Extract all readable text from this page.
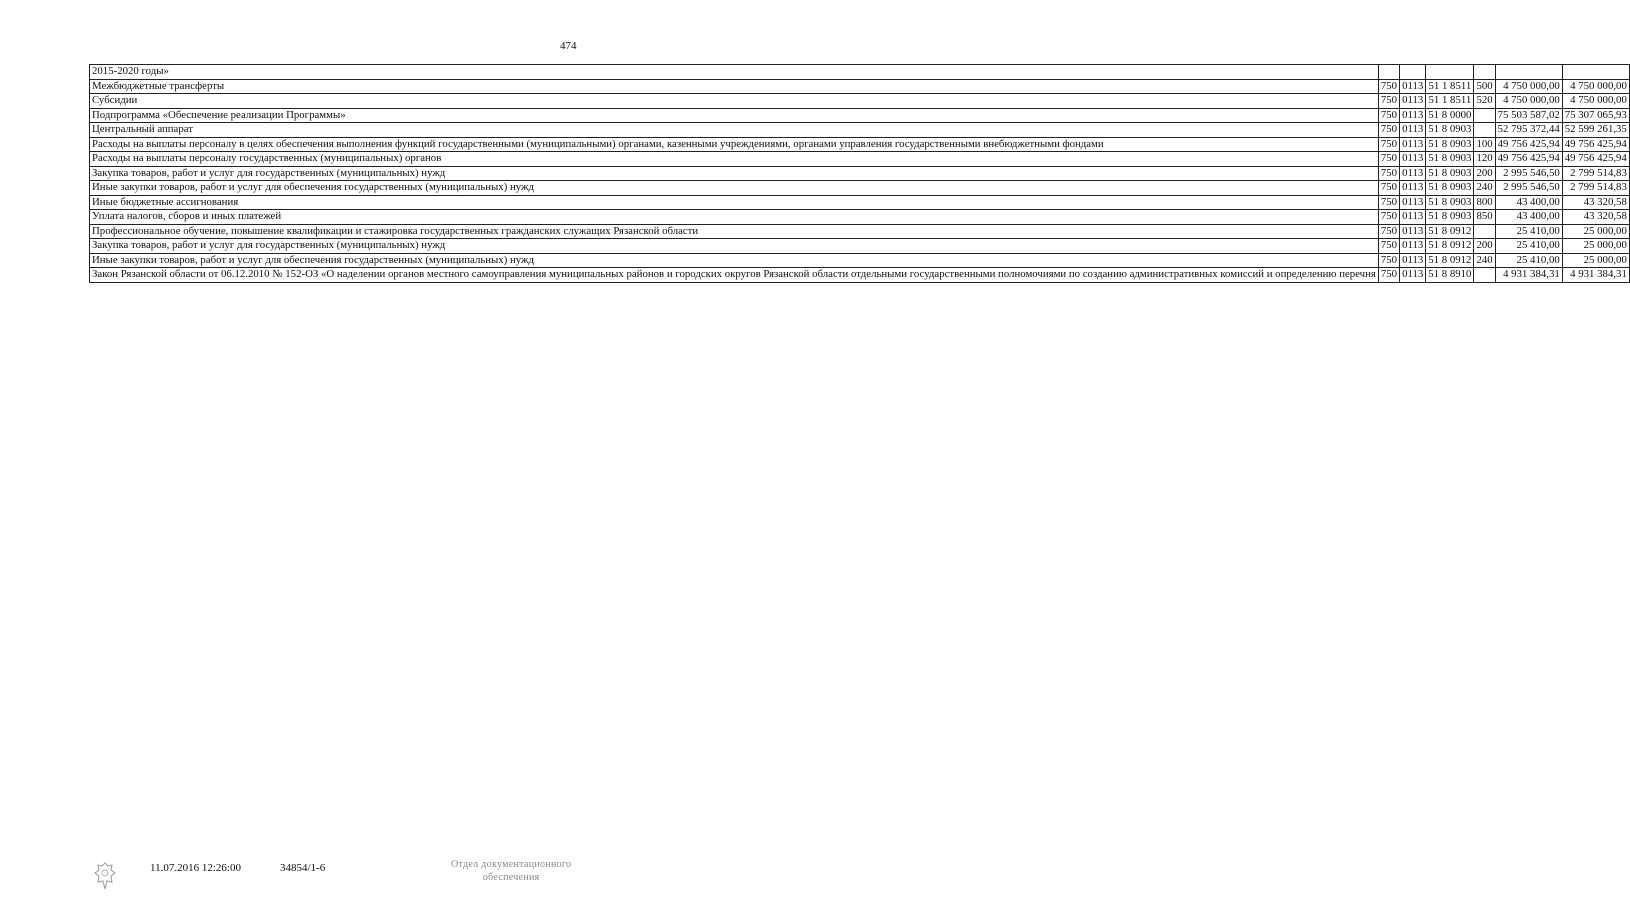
474
2015-2020 годы»						
Межбюджетные трансферты	750	0113	51 1 8511	500	4 750 000,00	4 750 000,00
Субсидии	750	0113	51 1 8511	520	4 750 000,00	4 750 000,00
Подпрограмма «Обеспечение реализации Программы»	750	0113	51 8 0000		75 503 587,02	75 307 065,93
Центральный аппарат	750	0113	51 8 0903		52 795 372,44	52 599 261,35
Расходы на выплаты персоналу в целях обеспечения выполнения функций государственными (муниципальными) органами, казенными учреждениями, органами управления государственными внебюджетными фондами	750	0113	51 8 0903	100	49 756 425,94	49 756 425,94
Расходы на выплаты персоналу государственных (муниципальных) органов	750	0113	51 8 0903	120	49 756 425,94	49 756 425,94
Закупка товаров, работ и услуг для государственных (муниципальных) нужд	750	0113	51 8 0903	200	2 995 546,50	2 799 514,83
Иные закупки товаров, работ и услуг для обеспечения государственных (муниципальных) нужд	750	0113	51 8 0903	240	2 995 546,50	2 799 514,83
Иные бюджетные ассигнования	750	0113	51 8 0903	800	43 400,00	43 320,58
Уплата налогов, сборов и иных платежей	750	0113	51 8 0903	850	43 400,00	43 320,58
Профессиональное обучение, повышение квалификации и стажировка государственных гражданских служащих Рязанской области	750	0113	51 8 0912		25 410,00	25 000,00
Закупка товаров, работ и услуг для государственных (муниципальных) нужд	750	0113	51 8 0912	200	25 410,00	25 000,00
Иные закупки товаров, работ и услуг для обеспечения государственных (муниципальных) нужд	750	0113	51 8 0912	240	25 410,00	25 000,00
Закон Рязанской области от 06.12.2010 № 152-ОЗ «О наделении органов местного самоуправления муниципальных районов и городских округов Рязанской области отдельными государственными полномочиями по созданию административных комиссий и определению перечня	750	0113	51 8 8910		4 931 384,31	4 931 384,31
11.07.2016 12:26:00	34854/1-6	Отдел документационного
обеспечения
